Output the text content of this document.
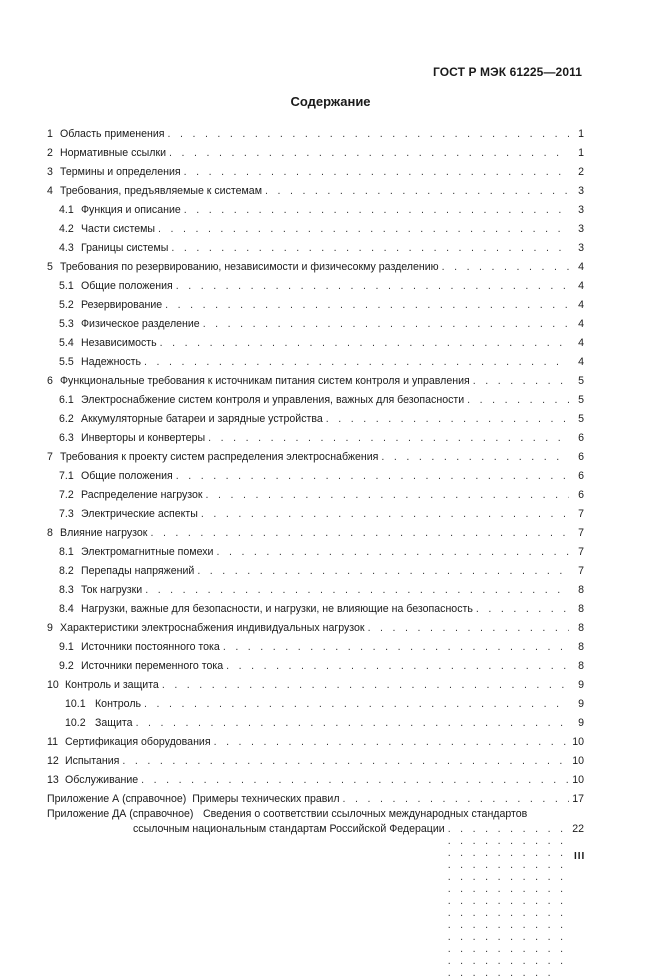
ГОСТ Р МЭК 61225—2011
Содержание
1 Область применения . . .	1
2 Нормативные ссылки . . .	1
3 Термины и определения . . .	2
4 Требования, предъявляемые к системам . . .	3
4.1 Функция и описание . . .	3
4.2 Части системы . . .	3
4.3 Границы системы . . .	3
5 Требования по резервированию, независимости и физичесокму разделению . . .	4
5.1 Общие положения . . .	4
5.2 Резервирование . . .	4
5.3 Физическое разделение . . .	4
5.4 Независимость . . .	4
5.5 Надежность . . .	4
6 Функциональные требования к источникам питания систем контроля и управления . . .	5
6.1 Электроснабжение систем контроля и управления, важных для безопасности . . .	5
6.2 Аккумуляторные батареи и зарядные устройства . . .	5
6.3 Инверторы и конвертеры . . .	6
7 Требования к проекту систем распределения электроснабжения . . .	6
7.1 Общие положения . . .	6
7.2 Распределение нагрузок . . .	6
7.3 Электрические аспекты . . .	7
8 Влияние нагрузок . . .	7
8.1 Электромагнитные помехи . . .	7
8.2 Перепады напряжений . . .	7
8.3 Ток нагрузки . . .	8
8.4 Нагрузки, важные для безопасности, и нагрузки, не влияющие на безопасность . . .	8
9 Характеристики электроснабжения индивидуальных нагрузок . . .	8
9.1 Источники постоянного тока . . .	8
9.2 Источники переменного тока . . .	8
10 Контроль и защита . . .	9
10.1 Контроль . . .	9
10.2 Защита . . .	9
11 Сертификация оборудования . . .	10
12 Испытания . . .	10
13 Обслуживание . . .	10
Приложение А (справочное) Примеры технических правил . . .	17
Приложение ДА (справочное) Сведения о соответствии ссылочных международных стандартов
ссылочным национальным стандартам Российской Федерации . . .	22
III
